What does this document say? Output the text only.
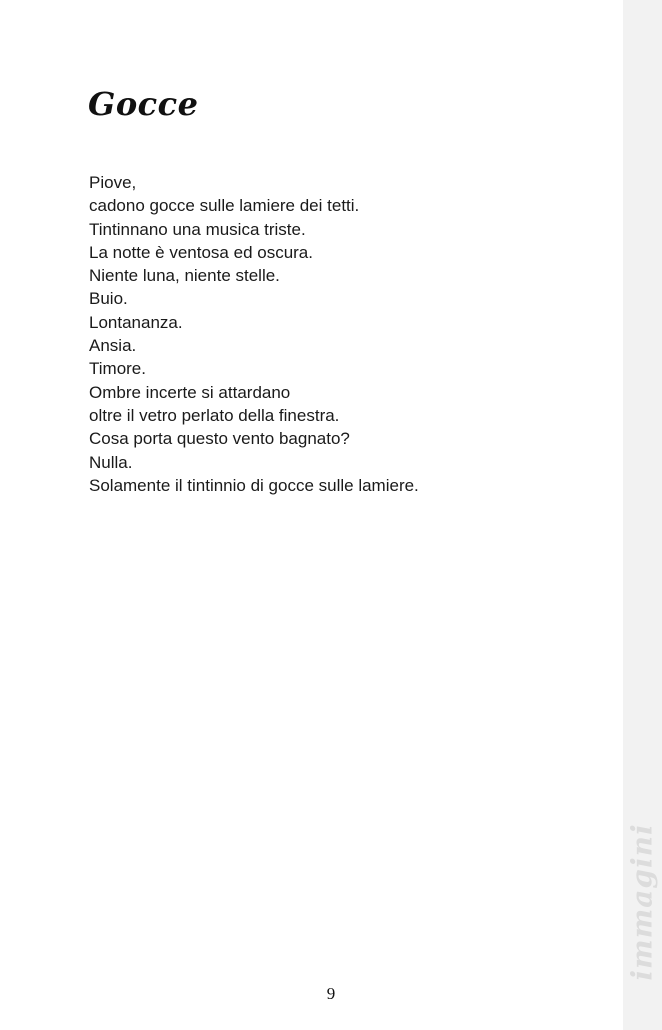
Gocce
Piove,
cadono gocce sulle lamiere dei tetti.
Tintinnano una musica triste.
La notte è ventosa ed oscura.
Niente luna, niente stelle.
Buio.
Lontananza.
Ansia.
Timore.
Ombre incerte si attardano
oltre il vetro perlato della finestra.
Cosa porta questo vento bagnato?
Nulla.
Solamente il tintinnio di gocce sulle lamiere.
immagini
9
